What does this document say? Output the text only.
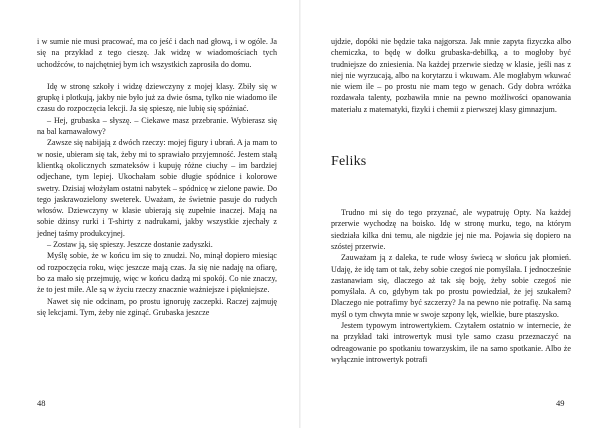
i w sumie nie musi pracować, ma co jeść i dach nad głową, i w ogóle. Ja się na przykład z tego cieszę. Jak widzę w wiadomościach tych uchodźców, to najchętniej bym ich wszystkich zaprosiła do domu.

Idę w stronę szkoły i widzę dziewczyny z mojej klasy. Zbiły się w grupkę i plotkują, jakby nie było już za dwie ósma, tylko nie wiadomo ile czasu do rozpoczęcia lekcji. Ja się spieszę, nie lubię się spóźniać.

– Hej, grubaska – słyszę. – Ciekawe masz przebranie. Wybierasz się na bal karnawałowy?

Zawsze się nabijają z dwóch rzeczy: mojej figury i ubrań. A ja mam to w nosie, ubieram się tak, żeby mi to sprawiało przyjemność. Jestem stałą klientką okolicznych szmateksów i kupuję różne ciuchy – im bardziej odjechane, tym lepiej. Ukochałam sobie długie spódnice i kolorowe swetry. Dzisiaj włożyłam ostatni nabytek – spódnicę w zielone pawie. Do tego jaskrawozielony sweterek. Uważam, że świetnie pasuje do rudych włosów. Dziewczyny w klasie ubierają się zupełnie inaczej. Mają na sobie dżinsy rurki i T-shirty z nadrukami, jakby wszystkie zjechały z jednej taśmy produkcyjnej.

– Zostaw ją, się spieszy. Jeszcze dostanie zadyszki.

Myślę sobie, że w końcu im się to znudzi. No, minął dopiero miesiąc od rozpoczęcia roku, więc jeszcze mają czas. Ja się nie nadaję na ofiarę, bo za mało się przejmuję, więc w końcu dadzą mi spokój. Co nie znaczy, że to jest miłe. Ale są w życiu rzeczy znacznie ważniejsze i piękniejsze.

Nawet się nie odcinam, po prostu ignoruję zaczepki. Raczej zajmuję się lekcjami. Tym, żeby nie zginąć. Grubaska jeszcze

ujdzie, dopóki nie będzie taka najgorsza. Jak mnie zapyta fizyczka albo chemiczka, to będę w dołku grubaska-debilką, a to mogłoby być trudniejsze do zniesienia. Na każdej przerwie siedzę w klasie, jeśli nas z niej nie wyrzucają, albo na korytarzu i wkuwam. Ale mogłabym wkuwać nie wiem ile – po prostu nie mam tego w genach. Gdy dobra wróżka rozdawała talenty, pozbawiła mnie na pewno możliwości opanowania materiału z matematyki, fizyki i chemii z pierwszej klasy gimnazjum.

Feliks

Trudno mi się do tego przyznać, ale wypatruję Opty. Na każdej przerwie wychodzę na boisko. Idę w stronę murku, tego, na którym siedziała kilka dni temu, ale nigdzie jej nie ma. Pojawia się dopiero na szóstej przerwie.

Zauważam ją z daleka, te rude włosy świecą w słońcu jak płomień. Udaję, że idę tam ot tak, żeby sobie czegoś nie pomyślała. I jednocześnie zastanawiam się, dlaczego aż tak się boję, żeby sobie czegoś nie pomyślała. A co, gdybym tak po prostu powiedział, że jej szukałem? Dlaczego nie potrafimy być szczerzy? Ja na pewno nie potrafię. Na samą myśl o tym chwyta mnie w swoje szpony lęk, wielkie, bure ptaszysko.

Jestem typowym introwertykiem. Czytałem ostatnio w internecie, że na przykład taki introwertyk musi tyle samo czasu przeznaczyć na odreagowanie po spotkaniu towarzyskim, ile na samo spotkanie. Albo że wyłącznie introwertyk potrafi

48	49
